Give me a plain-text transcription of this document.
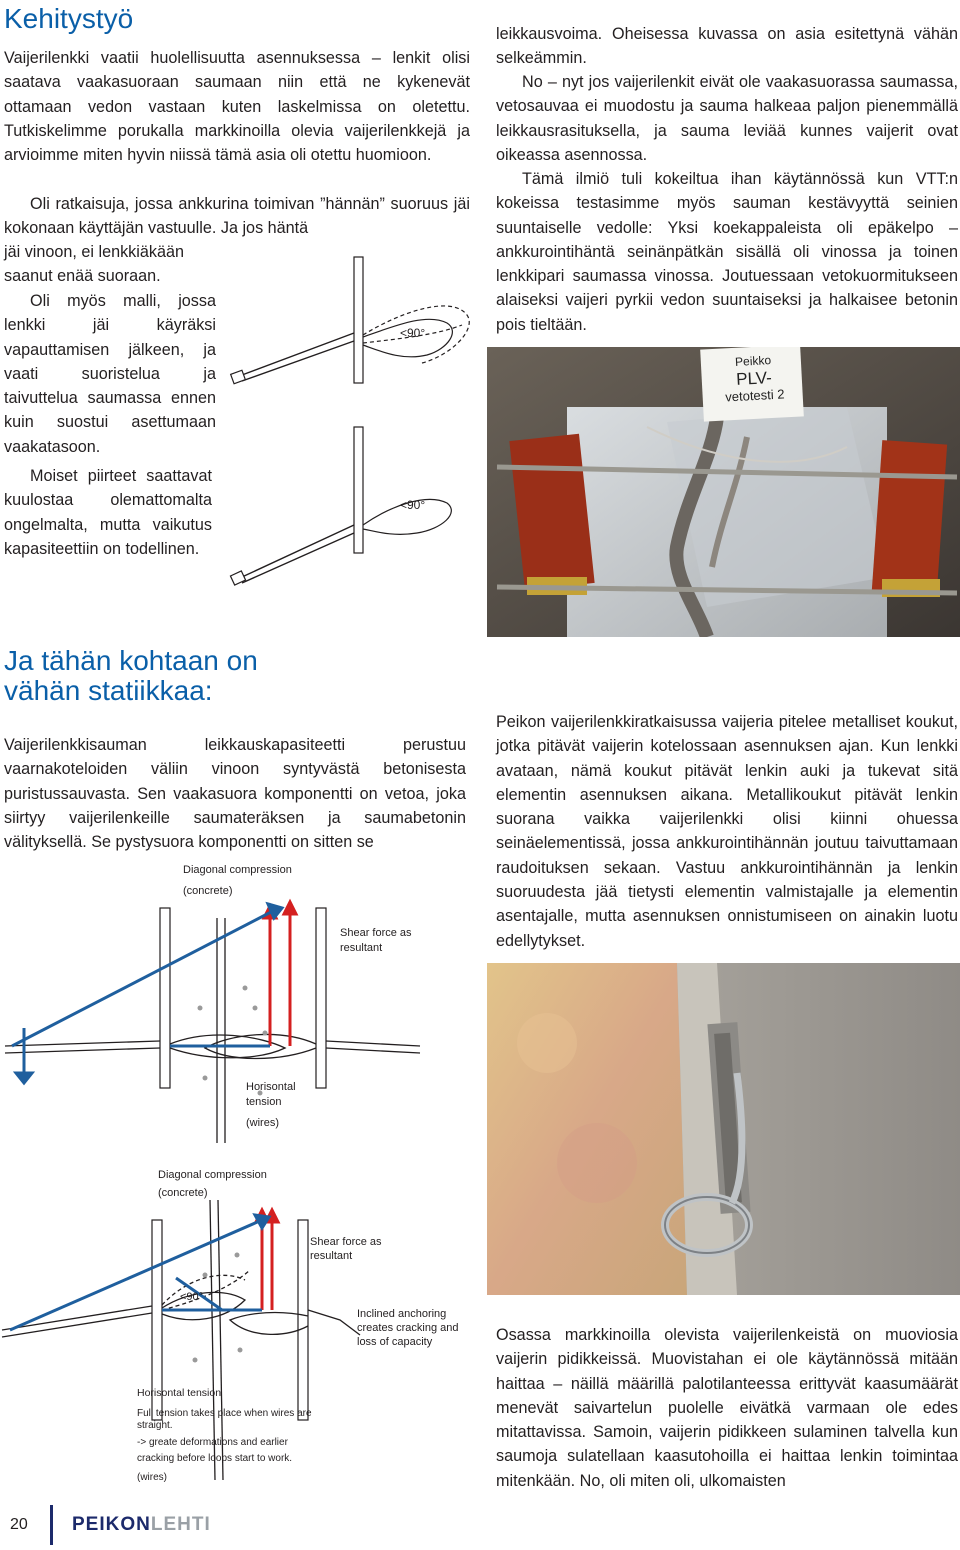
Kehitystyö

Vaijerilenkki vaatii huolellisuutta asennuksessa – lenkit olisi saatava vaakasuoraan saumaan niin että ne kykenevät ottamaan vedon vastaan kuten laskelmissa on oletettu. Tutkiskelimme porukalla markkinoilla olevia vaijerilenkkejä ja arvioimme miten hyvin niissä tämä asia oli otettu huomioon.

Oli ratkaisuja, jossa ankkurina toimivan ”hännän” suoruus jäi kokonaan käyttäjän vastuulle. Ja jos häntä

jäi vinoon, ei lenkkiäkään saanut enää suoraan.

Oli myös malli, jossa lenkki jäi käyräksi vapauttamisen jälkeen, ja vaati suoristelua ja taivuttelua saumassa ennen kuin suostui asettumaan vaakatasoon.

Moiset piirteet saattavat kuulostaa olemattomalta ongelmalta, mutta vaikutus kapasiteettiin on todellinen.

<90°
<90°

leikkausvoima. Oheisessa kuvassa on asia esitettynä vähän selkeämmin.

No – nyt jos vaijerilenkit eivät ole vaakasuorassa saumassa, vetosauvaa ei muodostu ja sauma halkeaa paljon pienemmällä leikkausrasituksella, ja sauma leviää kunnes vaijerit ovat oikeassa asennossa.

Tämä ilmiö tuli kokeiltua ihan käytännössä kun VTT:n kokeissa testasimme myös sauman kestävyyttä seinien suuntaiselle vedolle: Yksi koekappaleista oli epäkelpo – ankkurointihäntä seinänpätkän sisällä oli vinossa ja toinen lenkkipari saumassa vinossa. Joutuessaan vetokuormitukseen alaiseksi vaijeri pyrkii vedon suuntaiseksi ja halkaisee betonin pois tieltään.

Peikko
PLV-
vetotesti 2
Ja tähän kohtaan on
vähän statiikkaa:

Vaijerilenkkisauman leikkauskapasiteetti perustuu vaarnakoteloiden väliin vinoon syntyvästä betonisesta puristussauvasta. Sen vaakasuora komponentti on vetoa, joka siirtyy vaijerilenkeille saumateräksen ja saumabetonin välityksellä. Se pystysuora komponentti on sitten se

Diagonal compression
(concrete)
Shear force as
resultant
Horisontal
tension
(wires)
Diagonal compression
(concrete)
Shear force as
resultant
<90°
Inclined anchoring
creates cracking and
loss of capacity
Horisontal tension
Full tension takes place when wires are
straight.
-> greate deformations and earlier
cracking before loops start to work.
(wires)

Peikon vaijerilenkkiratkaisussa vaijeria pitelee metalliset koukut, jotka pitävät vaijerin kotelossaan asennuksen ajan. Kun lenkki avataan, nämä koukut pitävät lenkin auki ja tukevat sitä elementin asennuksen aikana. Metallikoukut pitävät lenkin suorana vaikka vaijerilenkki olisi kiinni ohuessa seinäelementissä, jossa ankkurointihännän joutuu taivuttamaan raudoituksen sekaan. Vastuu ankkurointihännän ja lenkin suoruudesta jää tietysti elementin valmistajalle ja elementin asentajalle, mutta asennuksen onnistumiseen on ainakin luotu edellytykset.

Osassa markkinoilla olevista vaijerilenkeistä on muoviosia vaijerin pidikkeissä. Muovistahan ei ole käytännössä mitään haittaa – näillä määrillä palotilanteessa erittyvät kaasumäärät menevät saivartelun puolelle eivätkä varmaan ole edes mitattavissa. Samoin, vaijerin pidikkeen sulaminen talvella kun saumoja sulatellaan kaasutohoilla ei haittaa lenkin toimintaa mitenkään. No, oli miten oli, ulkomaisten

20 PEIKONLEHTI
